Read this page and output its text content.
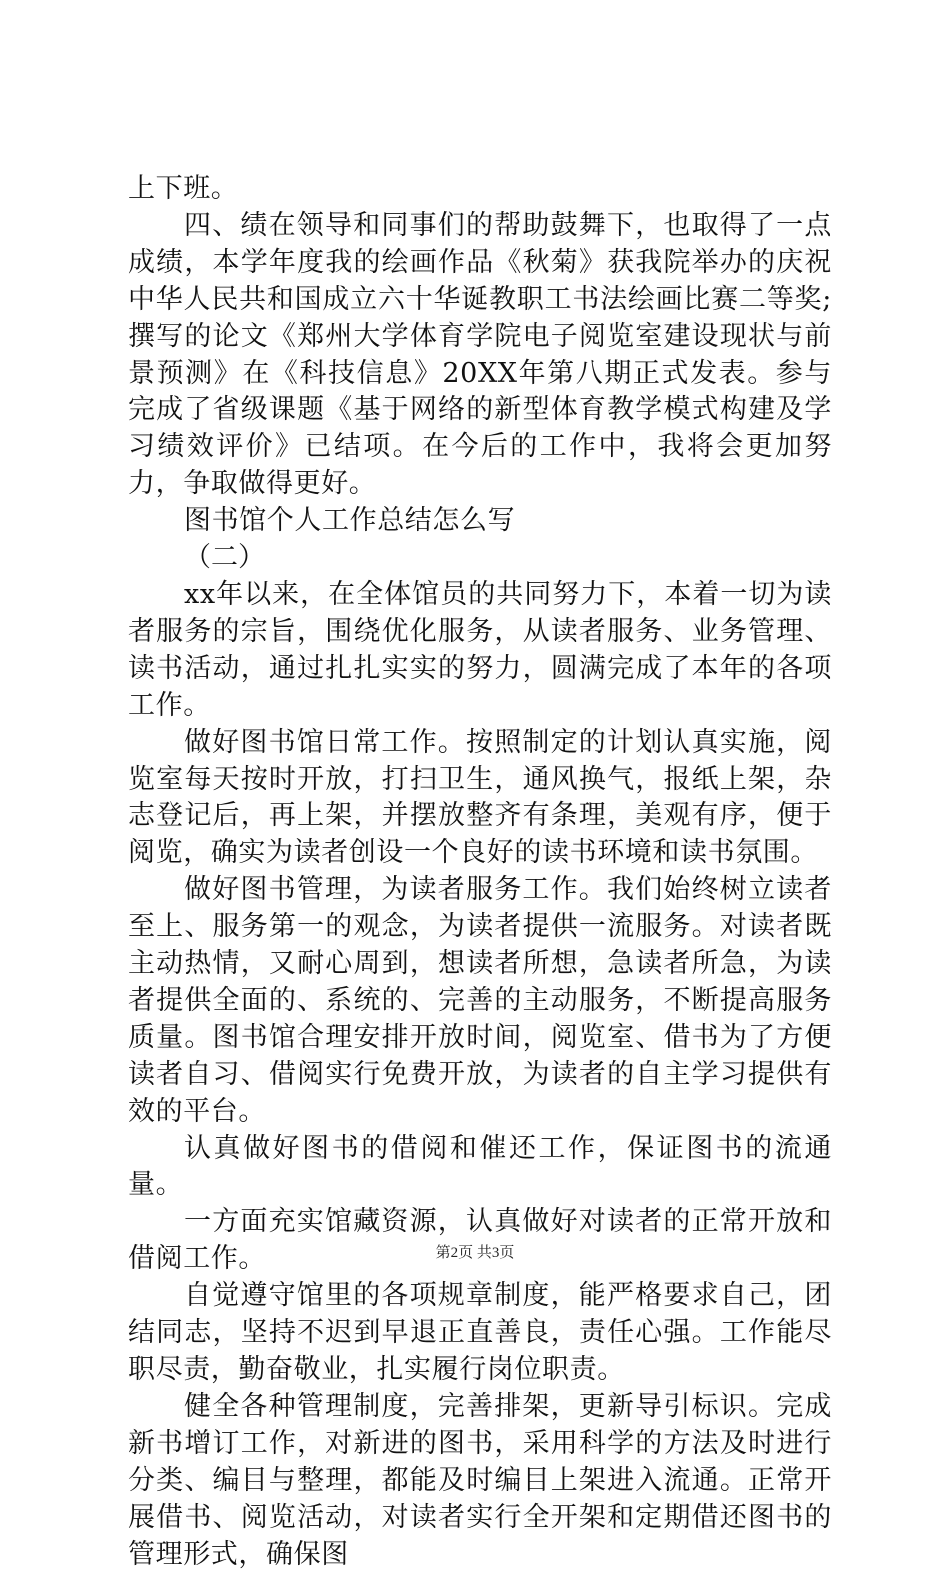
上下班。

四、绩在领导和同事们的帮助鼓舞下，也取得了一点成绩，本学年度我的绘画作品《秋菊》获我院举办的庆祝中华人民共和国成立六十华诞教职工书法绘画比赛二等奖;撰写的论文《郑州大学体育学院电子阅览室建设现状与前景预测》在《科技信息》20XX年第八期正式发表。参与完成了省级课题《基于网络的新型体育教学模式构建及学习绩效评价》已结项。在今后的工作中，我将会更加努力，争取做得更好。

图书馆个人工作总结怎么写

（二）

xx年以来，在全体馆员的共同努力下，本着一切为读者服务的宗旨，围绕优化服务，从读者服务、业务管理、读书活动，通过扎扎实实的努力，圆满完成了本年的各项工作。

做好图书馆日常工作。按照制定的计划认真实施，阅览室每天按时开放，打扫卫生，通风换气，报纸上架，杂志登记后，再上架，并摆放整齐有条理，美观有序，便于阅览，确实为读者创设一个良好的读书环境和读书氛围。

做好图书管理，为读者服务工作。我们始终树立读者至上、服务第一的观念，为读者提供一流服务。对读者既主动热情，又耐心周到，想读者所想，急读者所急，为读者提供全面的、系统的、完善的主动服务，不断提高服务质量。图书馆合理安排开放时间，阅览室、借书为了方便读者自习、借阅实行免费开放，为读者的自主学习提供有效的平台。

认真做好图书的借阅和催还工作，保证图书的流通量。

一方面充实馆藏资源，认真做好对读者的正常开放和借阅工作。

自觉遵守馆里的各项规章制度，能严格要求自己，团结同志，坚持不迟到早退正直善良，责任心强。工作能尽职尽责，勤奋敬业，扎实履行岗位职责。

健全各种管理制度，完善排架，更新导引标识。完成新书增订工作，对新进的图书，采用科学的方法及时进行分类、编目与整理，都能及时编目上架进入流通。正常开展借书、阅览活动，对读者实行全开架和定期借还图书的管理形式，确保图

第2页 共3页
